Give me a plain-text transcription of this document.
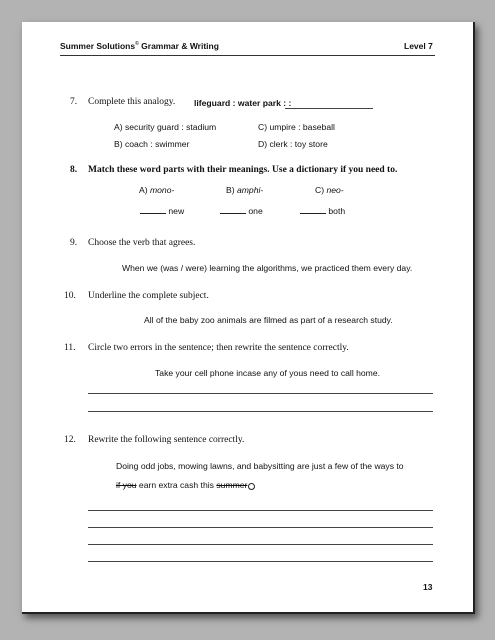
Summer Solutions© Grammar & Writing	Level 7
7. Complete this analogy. lifeguard : water park : :
A) security guard : stadium	C) umpire : baseball
B) coach : swimmer	D) clerk : toy store
8. Match these word parts with their meanings. Use a dictionary if you need to.
A) mono-	B) amphi-	C) neo-
new	one	both
9. Choose the verb that agrees.
When we (was / were) learning the algorithms, we practiced them every day.
10. Underline the complete subject.
All of the baby zoo animals are filmed as part of a research study.
11. Circle two errors in the sentence; then rewrite the sentence correctly.
Take your cell phone incase any of yous need to call home.
12. Rewrite the following sentence correctly.
Doing odd jobs, mowing lawns, and babysitting are just a few of the ways to
if you earn extra cash this summer
13
